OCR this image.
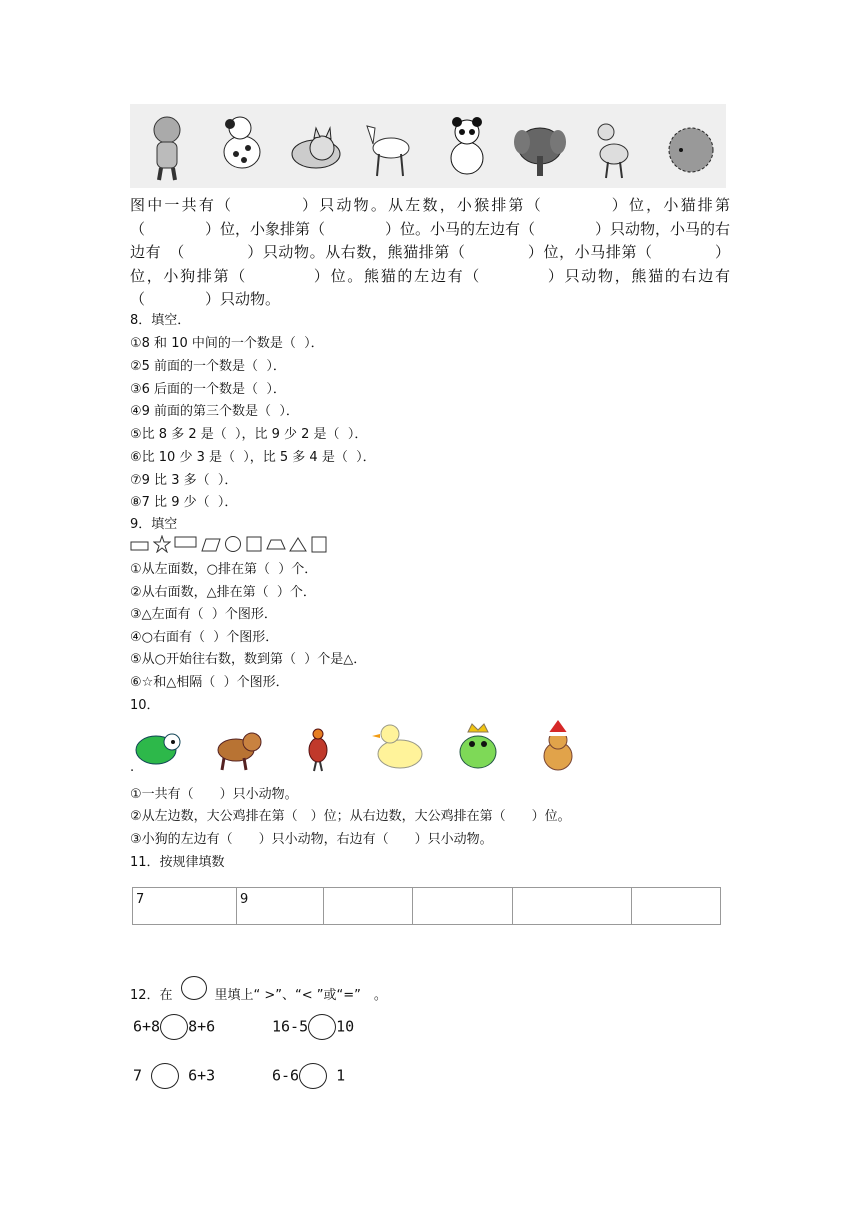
图中一共有（　　　　）只动物。从左数，小猴排第（　　　　）位，小猫排第（　　　　）位，小象排第（　　　　）位。小马的左边有（　　　　）只动物，小马的右边有　（　　　　）只动物。从右数，熊猫排第（　　　　）位，小马排第（　　　　）位，小狗排第（　　　　）位。熊猫的左边有（　　　　）只动物，熊猫的右边有　（　　　　）只动物。
8．填空．
①8 和 10 中间的一个数是（  ）．
②5 前面的一个数是（  ）．
③6 后面的一个数是（  ）．
④9 前面的第三个数是（  ）．
⑤比 8 多 2 是（  ），比 9 少 2 是（  ）．
⑥比 10 少 3 是（  ），比 5 多 4 是（  ）．
⑦9 比 3 多（  ）．
⑧7 比 9 少（  ）．
9．填空
①从左面数，○排在第（  ）个．
②从右面数，△排在第（  ）个．
③△左面有（  ）个图形．
④○右面有（  ）个图形．
⑤从○开始往右数，数到第（  ）个是△．
⑥☆和△相隔（  ）个图形．
10．
.
①一共有（　　）只小动物。
②从左边数，大公鸡排在第（　）位；从右边数，大公鸡排在第（　　）位。
③小狗的左边有（　　）只小动物，右边有（　　）只小动物。
11．按规律填数
7	9				
12．在	里填上“ >”、“< ”或“=”　。
6+8 8+6	16-5 10
7	6+3	6-6 1
